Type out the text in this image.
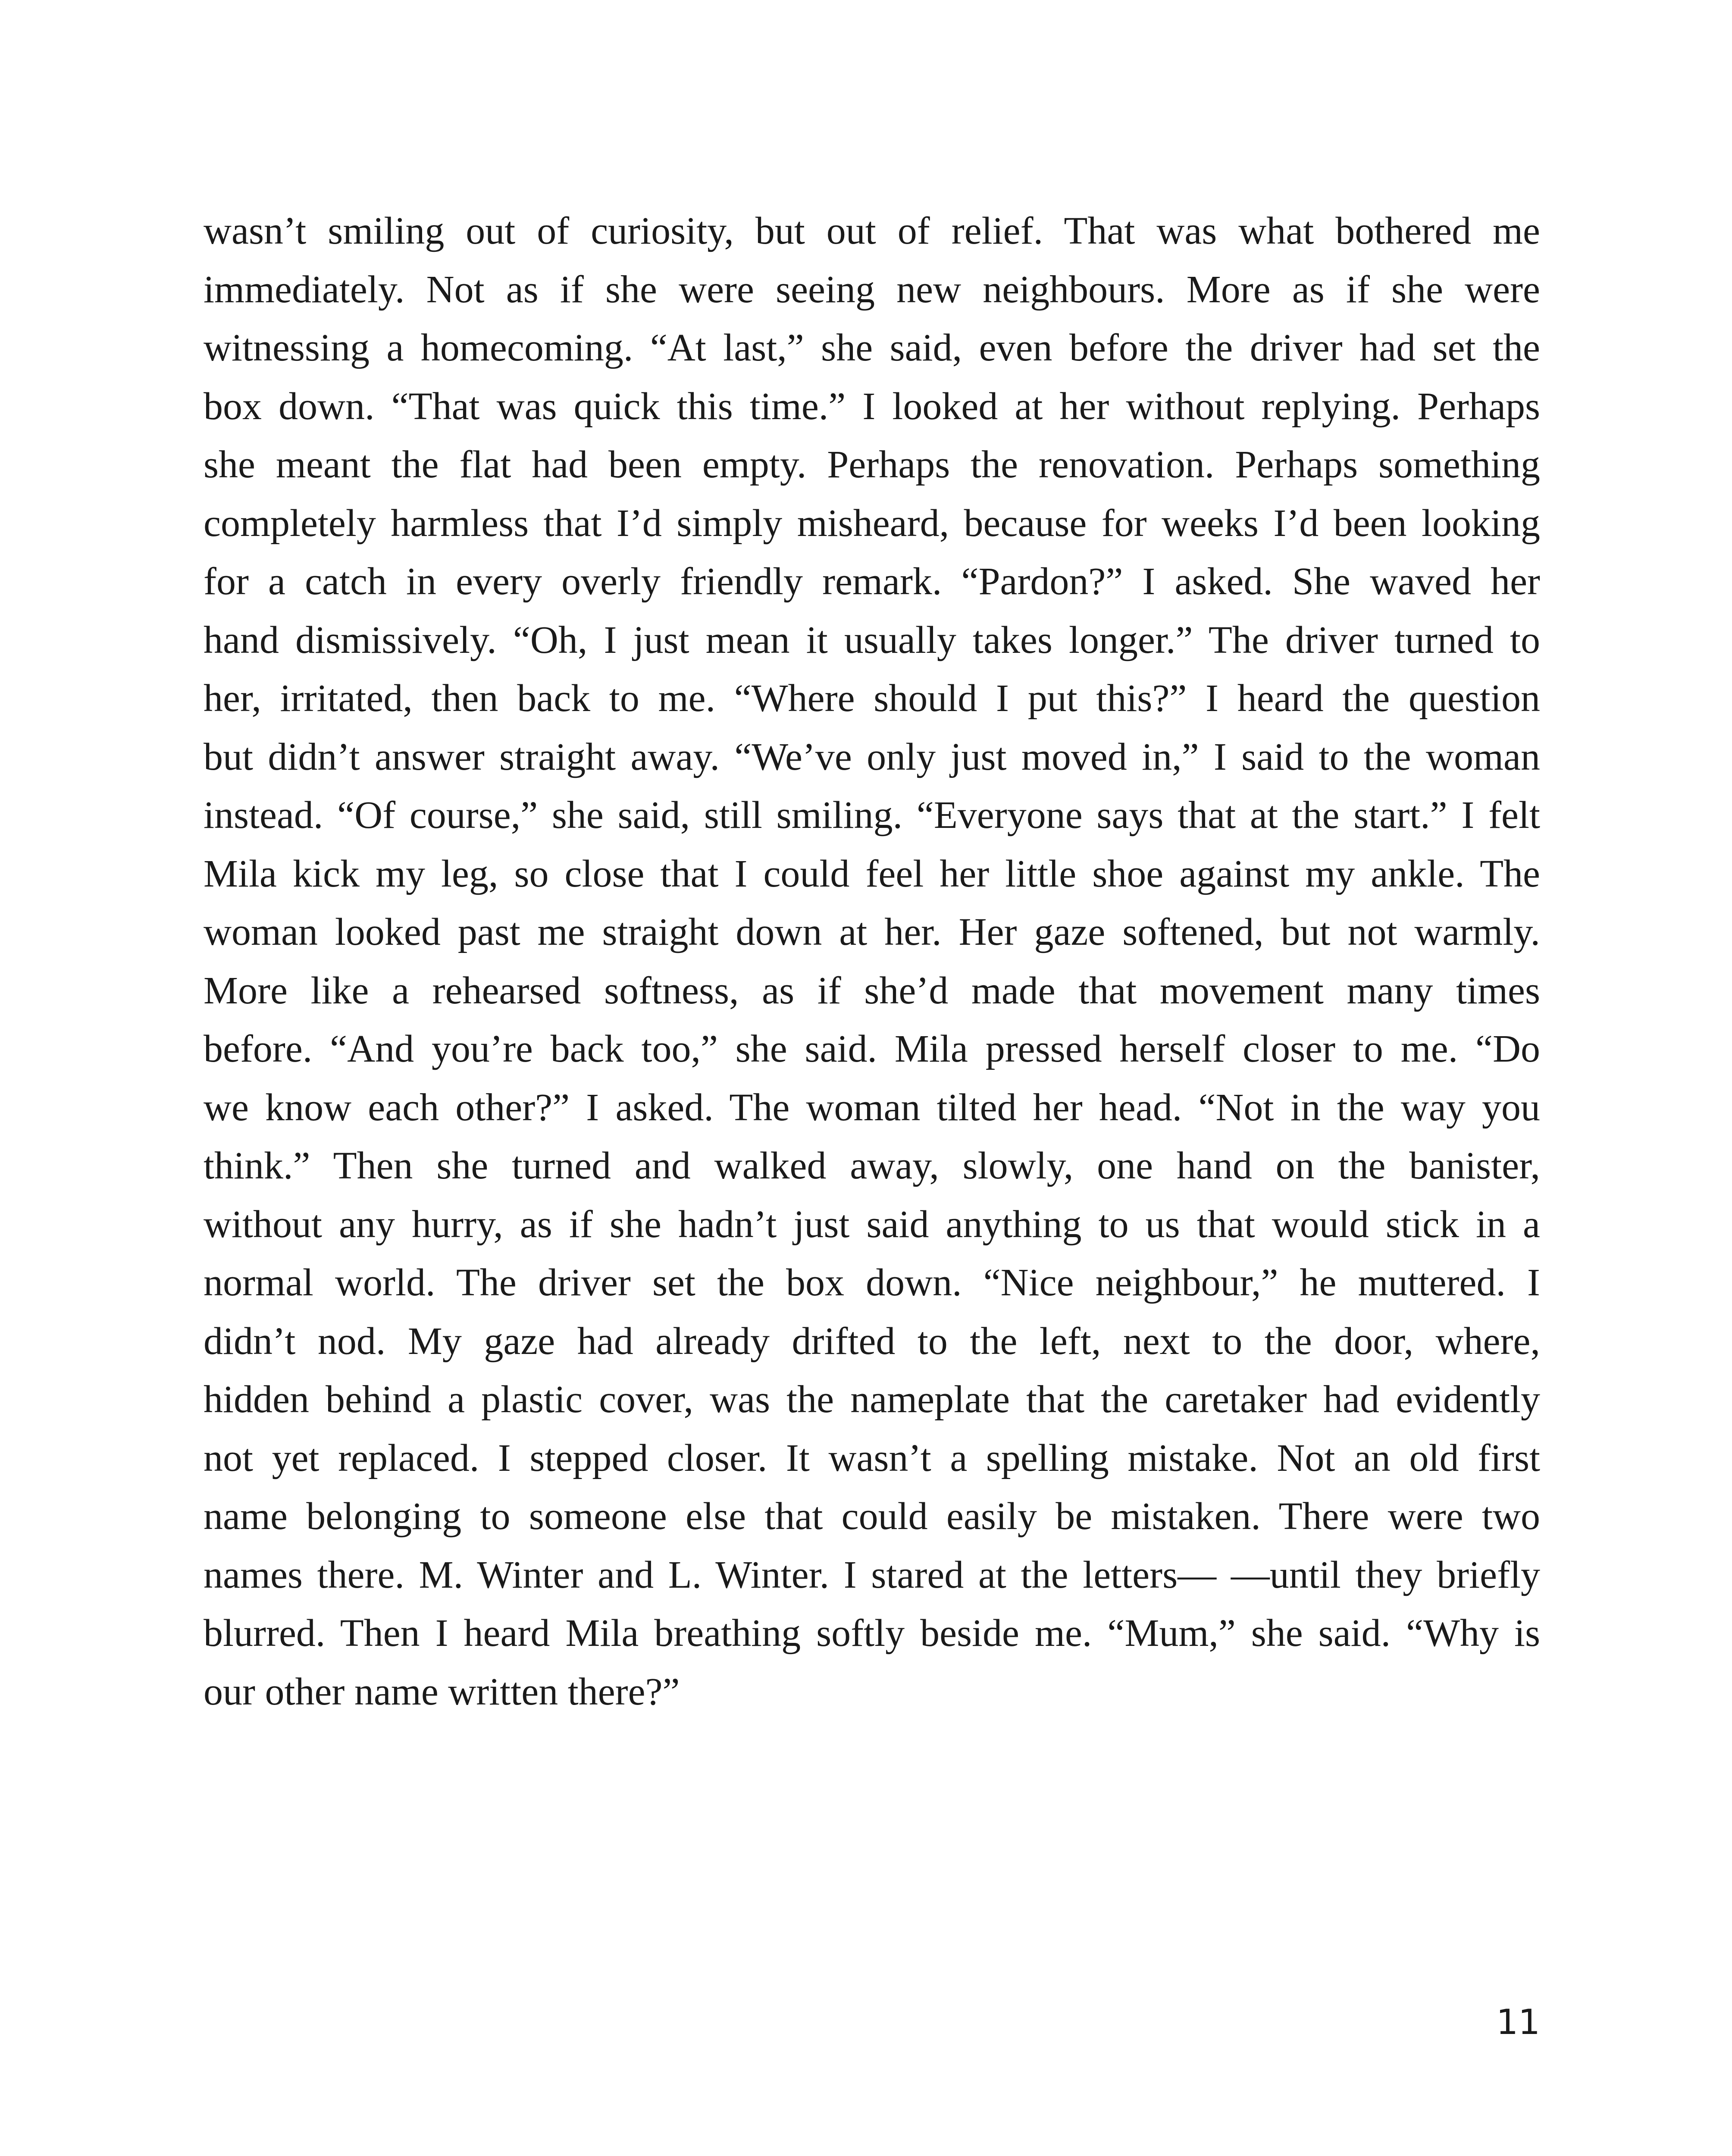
wasn’t smiling out of curiosity, but out of relief. That was what bothered me
immediately. Not as if she were seeing new neighbours. More as if she were
witnessing a homecoming. “At last,” she said, even before the driver had set the
box down. “That was quick this time.” I looked at her without replying. Perhaps
she meant the flat had been empty. Perhaps the renovation. Perhaps something
completely harmless that I’d simply misheard, because for weeks I’d been looking
for a catch in every overly friendly remark. “Pardon?” I asked. She waved her
hand dismissively. “Oh, I just mean it usually takes longer.” The driver turned to
her, irritated, then back to me. “Where should I put this?” I heard the question
but didn’t answer straight away. “We’ve only just moved in,” I said to the woman
instead. “Of course,” she said, still smiling. “Everyone says that at the start.” I felt
Mila kick my leg, so close that I could feel her little shoe against my ankle. The
woman looked past me straight down at her. Her gaze softened, but not warmly.
More like a rehearsed softness, as if she’d made that movement many times
before. “And you’re back too,” she said. Mila pressed herself closer to me. “Do
we know each other?” I asked. The woman tilted her head. “Not in the way you
think.” Then she turned and walked away, slowly, one hand on the banister,
without any hurry, as if she hadn’t just said anything to us that would stick in a
normal world. The driver set the box down. “Nice neighbour,” he muttered. I
didn’t nod. My gaze had already drifted to the left, next to the door, where,
hidden behind a plastic cover, was the nameplate that the caretaker had evidently
not yet replaced. I stepped closer. It wasn’t a spelling mistake. Not an old first
name belonging to someone else that could easily be mistaken. There were two
names there. M. Winter and L. Winter. I stared at the letters— —until they briefly
blurred. Then I heard Mila breathing softly beside me. “Mum,” she said. “Why is
our other name written there?”
11
